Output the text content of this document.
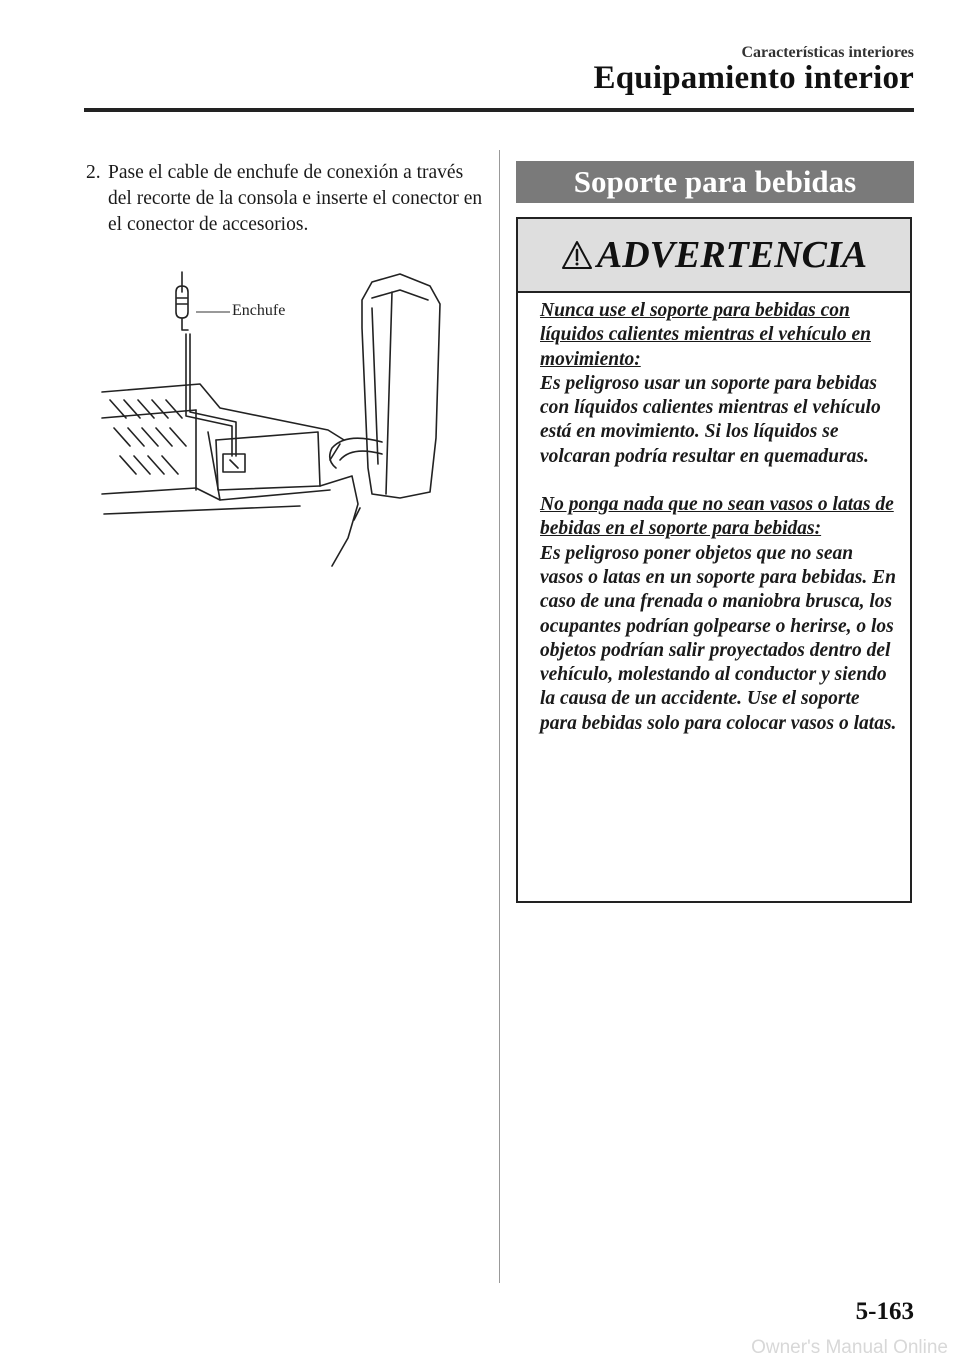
Características interiores
Equipamiento interior
2. Pase el cable de enchufe de conexión a través del recorte de la consola e inserte el conector en el conector de accesorios.
Enchufe
Soporte para bebidas
ADVERTENCIA

Nunca use el soporte para bebidas con líquidos calientes mientras el vehículo en movimiento:

Es peligroso usar un soporte para bebidas con líquidos calientes mientras el vehículo está en movimiento. Si los líquidos se volcaran podría resultar en quemaduras.

No ponga nada que no sean vasos o latas de bebidas en el soporte para bebidas:

Es peligroso poner objetos que no sean vasos o latas en un soporte para bebidas. En caso de una frenada o maniobra brusca, los ocupantes podrían golpearse o herirse, o los objetos podrían salir proyectados dentro del vehículo, molestando al conductor y siendo la causa de un accidente. Use el soporte para bebidas solo para colocar vasos o latas.

5-163
Owner's Manual Online
